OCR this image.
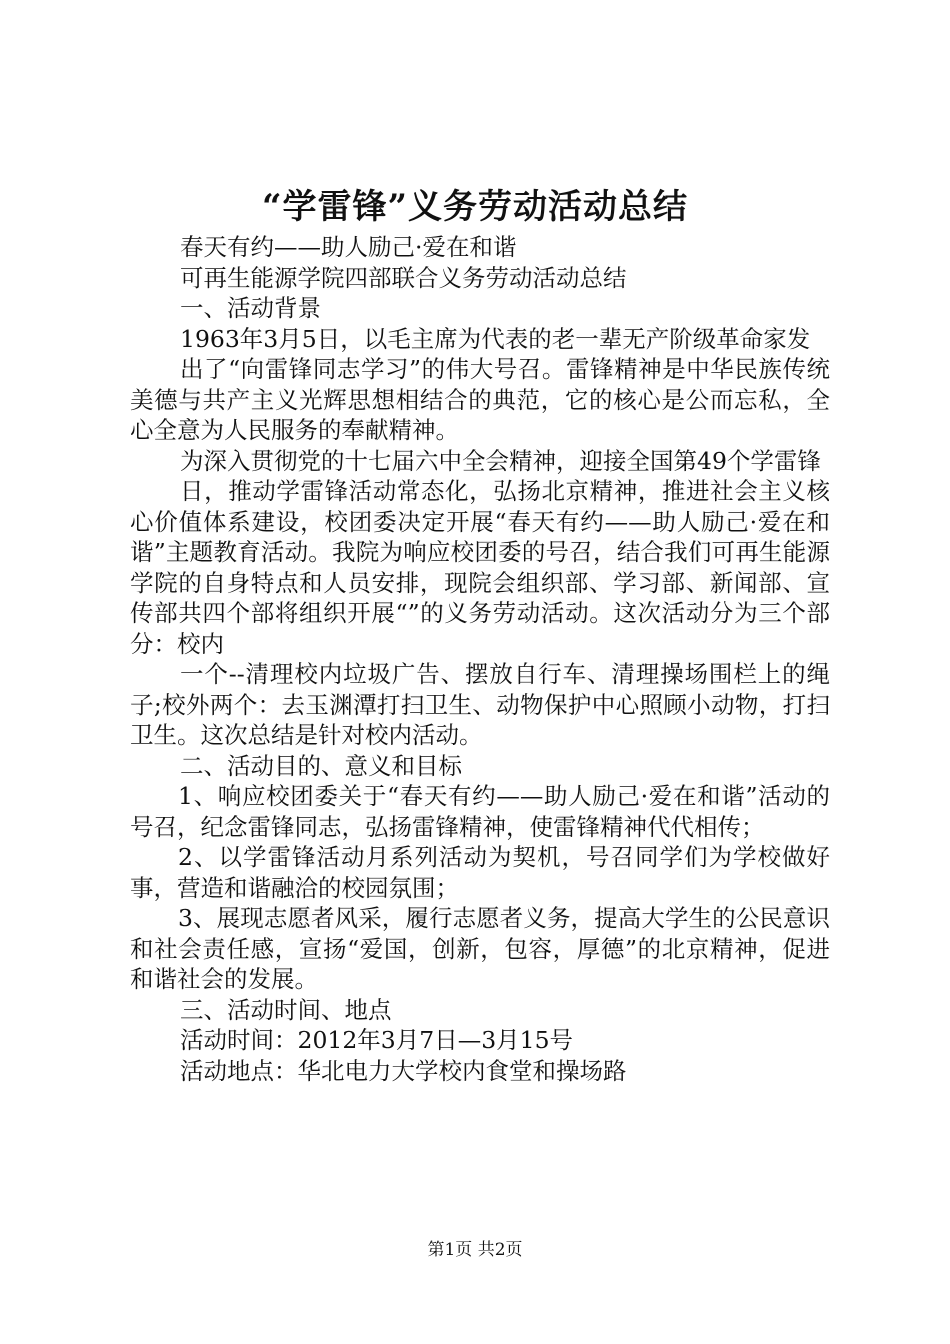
“学雷锋”义务劳动活动总结

春天有约——助人励己·爱在和谐

可再生能源学院四部联合义务劳动活动总结

一、活动背景

1963年3月5日，以毛主席为代表的老一辈无产阶级革命家发

出了“向雷锋同志学习”的伟大号召。雷锋精神是中华民族传统美德与共产主义光辉思想相结合的典范，它的核心是公而忘私，全心全意为人民服务的奉献精神。

为深入贯彻党的十七届六中全会精神，迎接全国第49个学雷锋

日，推动学雷锋活动常态化，弘扬北京精神，推进社会主义核心价值体系建设，校团委决定开展“春天有约——助人励己·爱在和谐”主题教育活动。我院为响应校团委的号召，结合我们可再生能源学院的自身特点和人员安排，现院会组织部、学习部、新闻部、宣传部共四个部将组织开展“”的义务劳动活动。这次活动分为三个部分：校内

一个--清理校内垃圾广告、摆放自行车、清理操场围栏上的绳子;校外两个：去玉渊潭打扫卫生、动物保护中心照顾小动物，打扫卫生。这次总结是针对校内活动。

二、活动目的、意义和目标

1、响应校团委关于“春天有约——助人励己·爱在和谐”活动的号召，纪念雷锋同志，弘扬雷锋精神，使雷锋精神代代相传；

2、以学雷锋活动月系列活动为契机，号召同学们为学校做好事，营造和谐融洽的校园氛围；

3、展现志愿者风采，履行志愿者义务，提高大学生的公民意识和社会责任感，宣扬“爱国，创新，包容，厚德”的北京精神，促进和谐社会的发展。

三、活动时间、地点

活动时间：2012年3月7日—3月15号

活动地点：华北电力大学校内食堂和操场路

第1页 共2页
